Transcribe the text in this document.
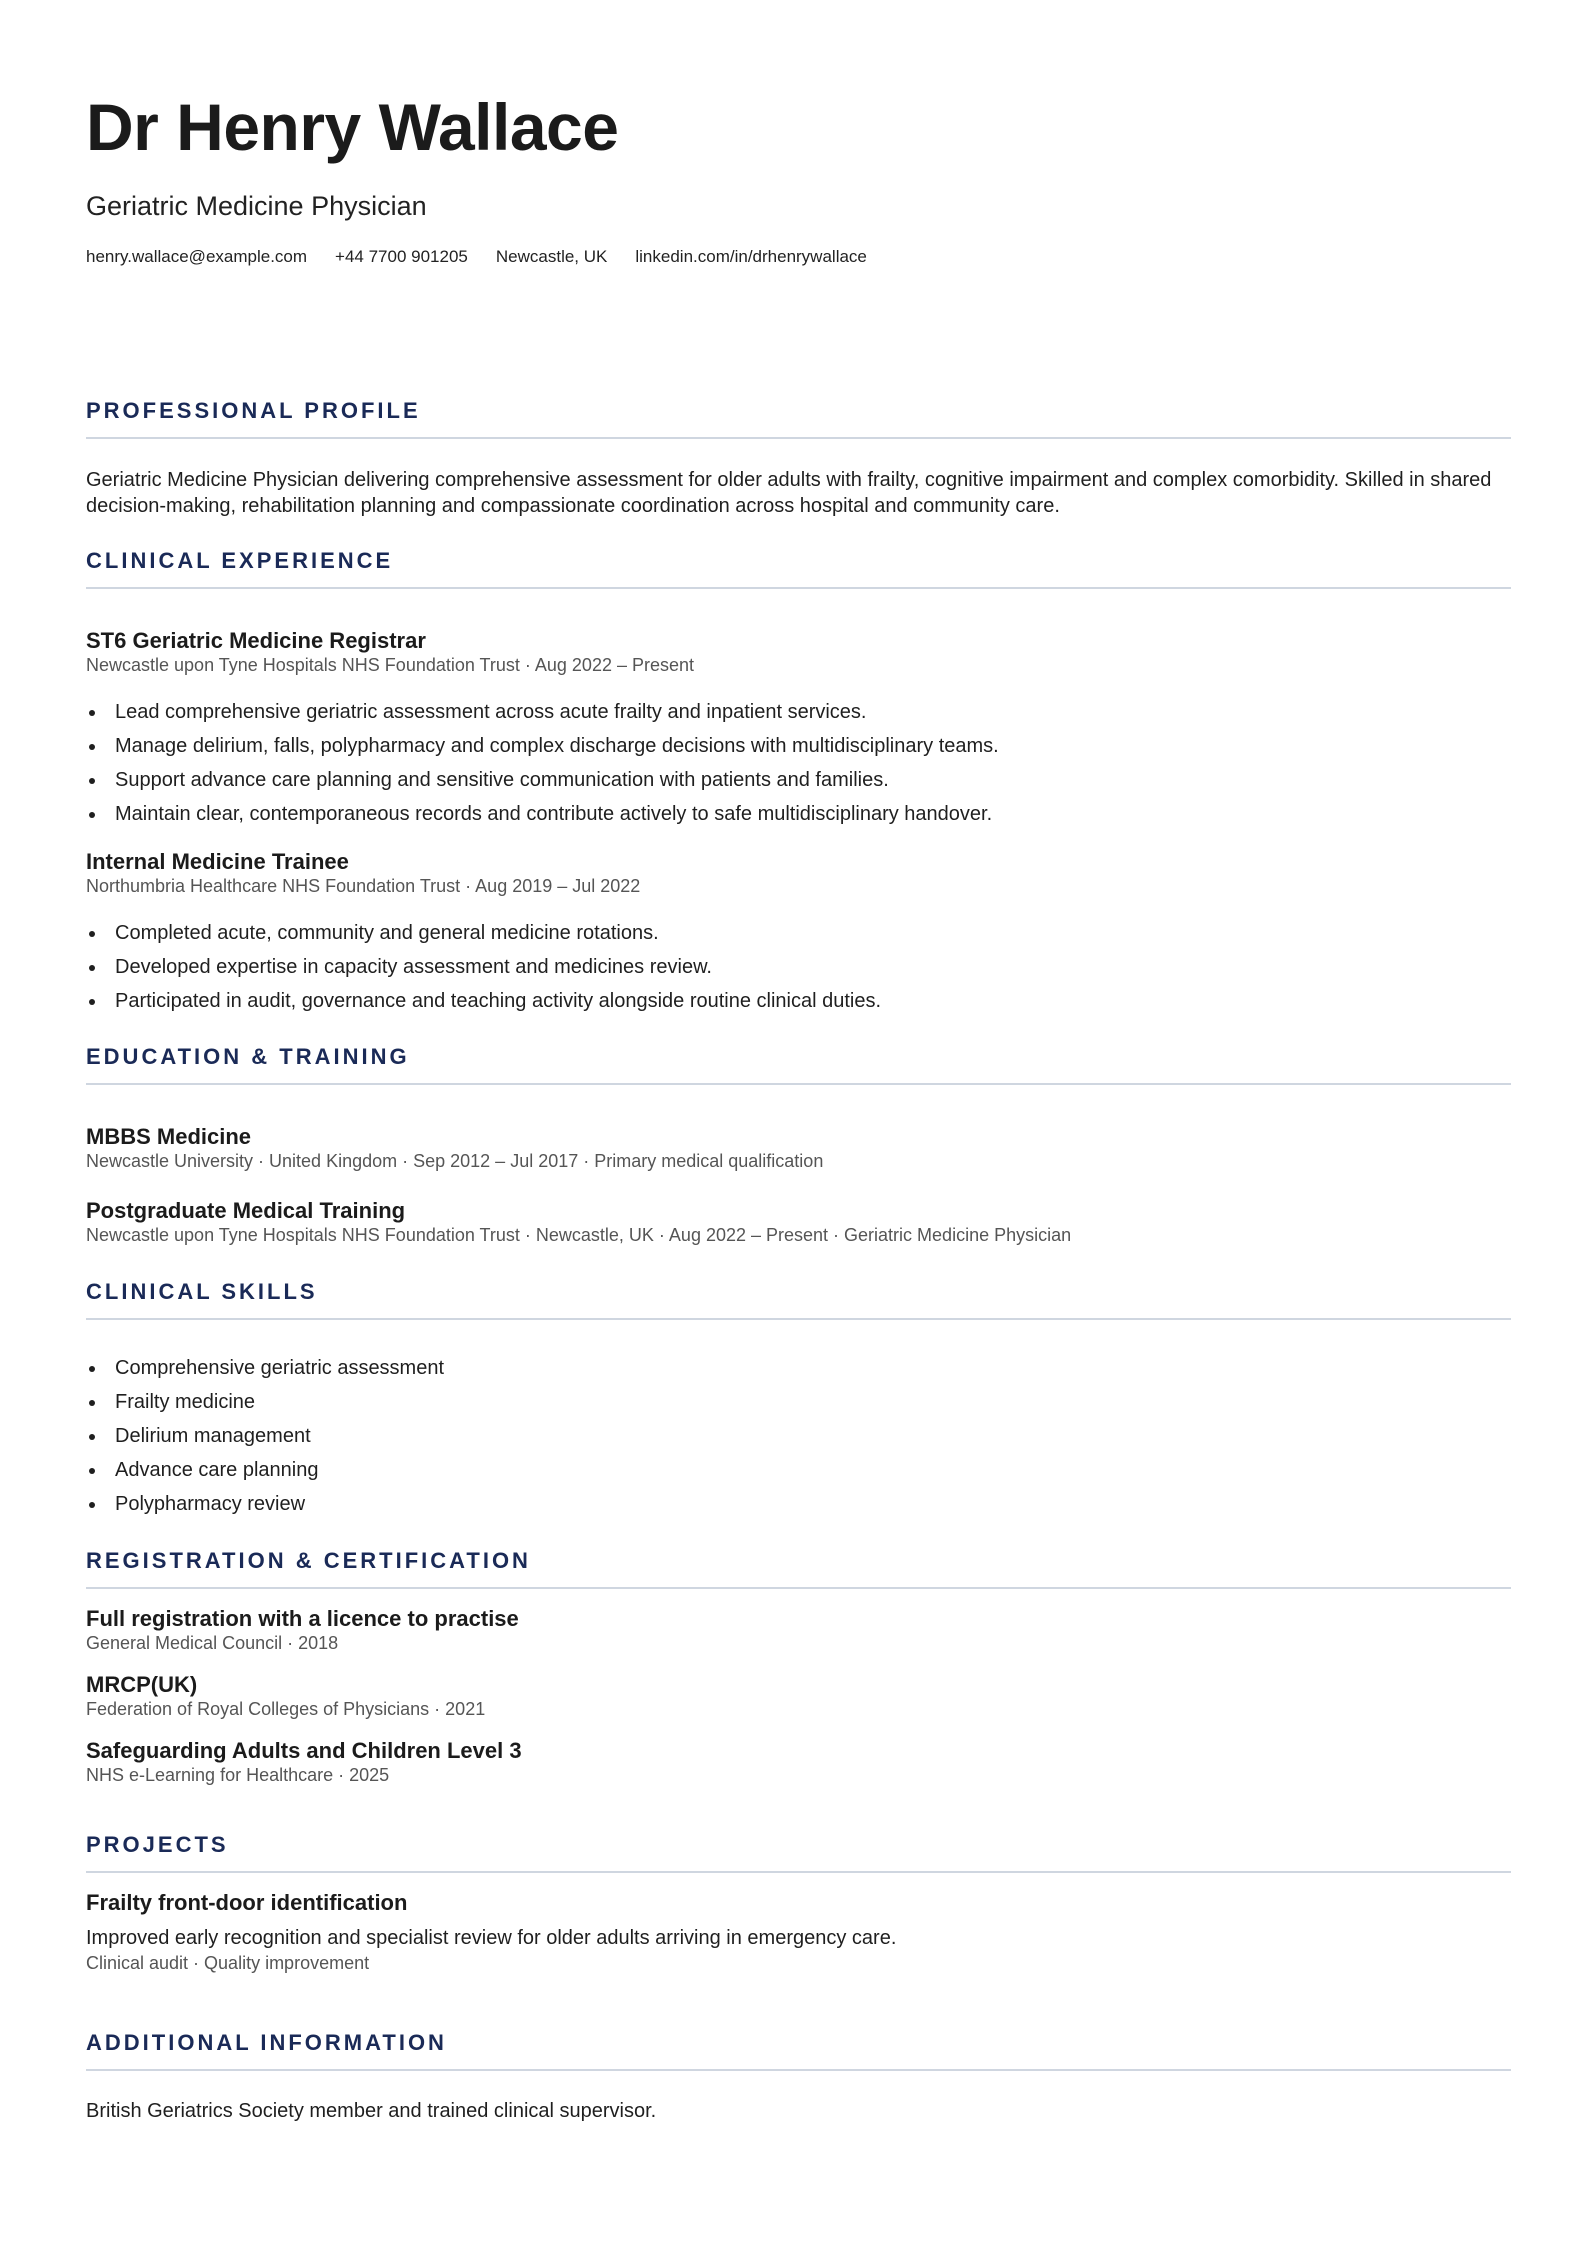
Dr Henry Wallace
Geriatric Medicine Physician
henry.wallace@example.com +44 7700 901205 Newcastle, UK linkedin.com/in/drhenrywallace
PROFESSIONAL PROFILE
Geriatric Medicine Physician delivering comprehensive assessment for older adults with frailty, cognitive impairment and complex comorbidity. Skilled in shared decision-making, rehabilitation planning and compassionate coordination across hospital and community care.
CLINICAL EXPERIENCE
ST6 Geriatric Medicine Registrar
Newcastle upon Tyne Hospitals NHS Foundation Trust · Aug 2022 – Present
Lead comprehensive geriatric assessment across acute frailty and inpatient services.
Manage delirium, falls, polypharmacy and complex discharge decisions with multidisciplinary teams.
Support advance care planning and sensitive communication with patients and families.
Maintain clear, contemporaneous records and contribute actively to safe multidisciplinary handover.
Internal Medicine Trainee
Northumbria Healthcare NHS Foundation Trust · Aug 2019 – Jul 2022
Completed acute, community and general medicine rotations.
Developed expertise in capacity assessment and medicines review.
Participated in audit, governance and teaching activity alongside routine clinical duties.
EDUCATION & TRAINING
MBBS Medicine
Newcastle University · United Kingdom · Sep 2012 – Jul 2017 · Primary medical qualification
Postgraduate Medical Training
Newcastle upon Tyne Hospitals NHS Foundation Trust · Newcastle, UK · Aug 2022 – Present · Geriatric Medicine Physician
CLINICAL SKILLS
Comprehensive geriatric assessment
Frailty medicine
Delirium management
Advance care planning
Polypharmacy review
REGISTRATION & CERTIFICATION
Full registration with a licence to practise
General Medical Council · 2018
MRCP(UK)
Federation of Royal Colleges of Physicians · 2021
Safeguarding Adults and Children Level 3
NHS e-Learning for Healthcare · 2025
PROJECTS
Frailty front-door identification
Improved early recognition and specialist review for older adults arriving in emergency care.
Clinical audit · Quality improvement
ADDITIONAL INFORMATION
British Geriatrics Society member and trained clinical supervisor.
